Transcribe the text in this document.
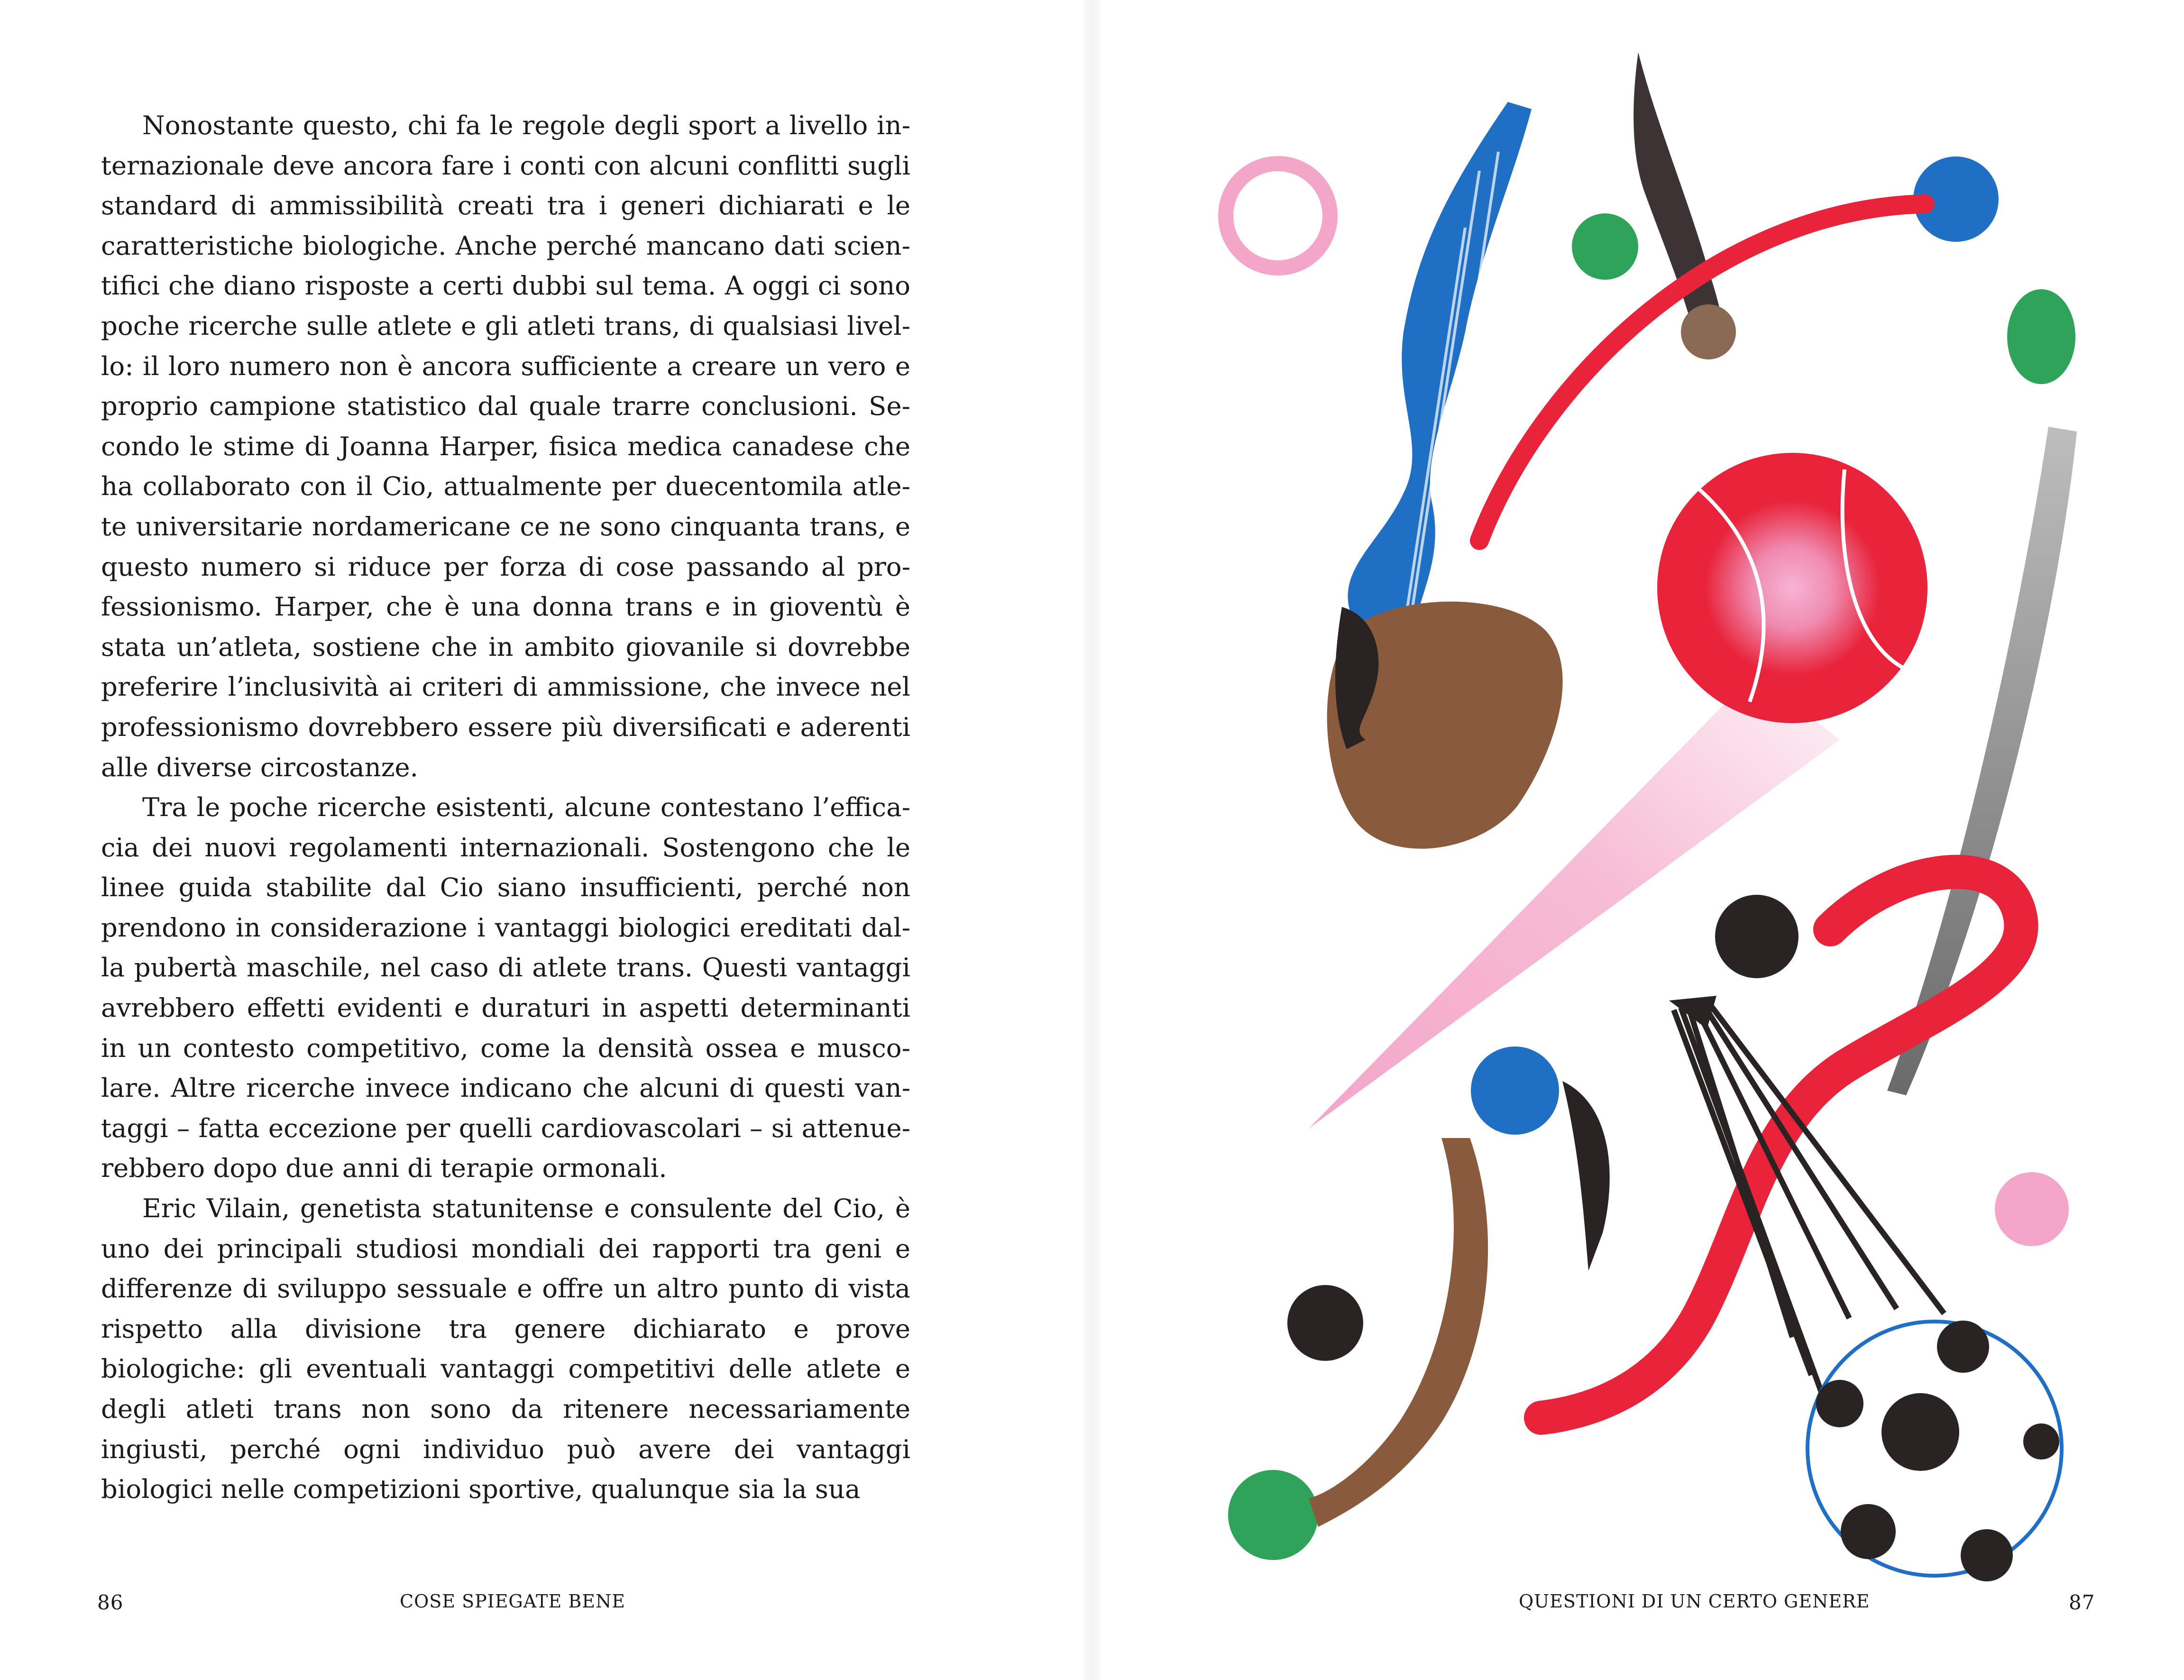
Nonostante questo, chi fa le regole degli sport a livello internazionale deve ancora fare i conti con alcuni conflitti sugli standard di ammissibilità creati tra i generi dichiarati e le caratteristiche biologiche. Anche perché mancano dati scientifici che diano risposte a certi dubbi sul tema. A oggi ci sono poche ricerche sulle atlete e gli atleti trans, di qualsiasi livello: il loro numero non è ancora sufficiente a creare un vero e proprio campione statistico dal quale trarre conclusioni. Secondo le stime di Joanna Harper, fisica medica canadese che ha collaborato con il Cio, attualmente per duecentomila atlete universitarie nordamericane ce ne sono cinquanta trans, e questo numero si riduce per forza di cose passando al professionismo. Harper, che è una donna trans e in gioventù è stata un’atleta, sostiene che in ambito giovanile si dovrebbe preferire l’inclusività ai criteri di ammissione, che invece nel professionismo dovrebbero essere più diversificati e aderenti alle diverse circostanze.

Tra le poche ricerche esistenti, alcune contestano l’efficacia dei nuovi regolamenti internazionali. Sostengono che le linee guida stabilite dal Cio siano insufficienti, perché non prendono in considerazione i vantaggi biologici ereditati dalla pubertà maschile, nel caso di atlete trans. Questi vantaggi avrebbero effetti evidenti e duraturi in aspetti determinanti in un contesto competitivo, come la densità ossea e muscolare. Altre ricerche invece indicano che alcuni di questi vantaggi – fatta eccezione per quelli cardiovascolari – si attenuerebbero dopo due anni di terapie ormonali.

Eric Vilain, genetista statunitense e consulente del Cio, è uno dei principali studiosi mondiali dei rapporti tra geni e differenze di sviluppo sessuale e offre un altro punto di vista rispetto alla divisione tra genere dichiarato e prove biologiche: gli eventuali vantaggi competitivi delle atlete e degli atleti trans non sono da ritenere necessariamente ingiusti, perché ogni individuo può avere dei vantaggi biologici nelle competizioni sportive, qualunque sia la sua

86	COSE SPIEGATE BENE	QUESTIONI DI UN CERTO GENERE	87
